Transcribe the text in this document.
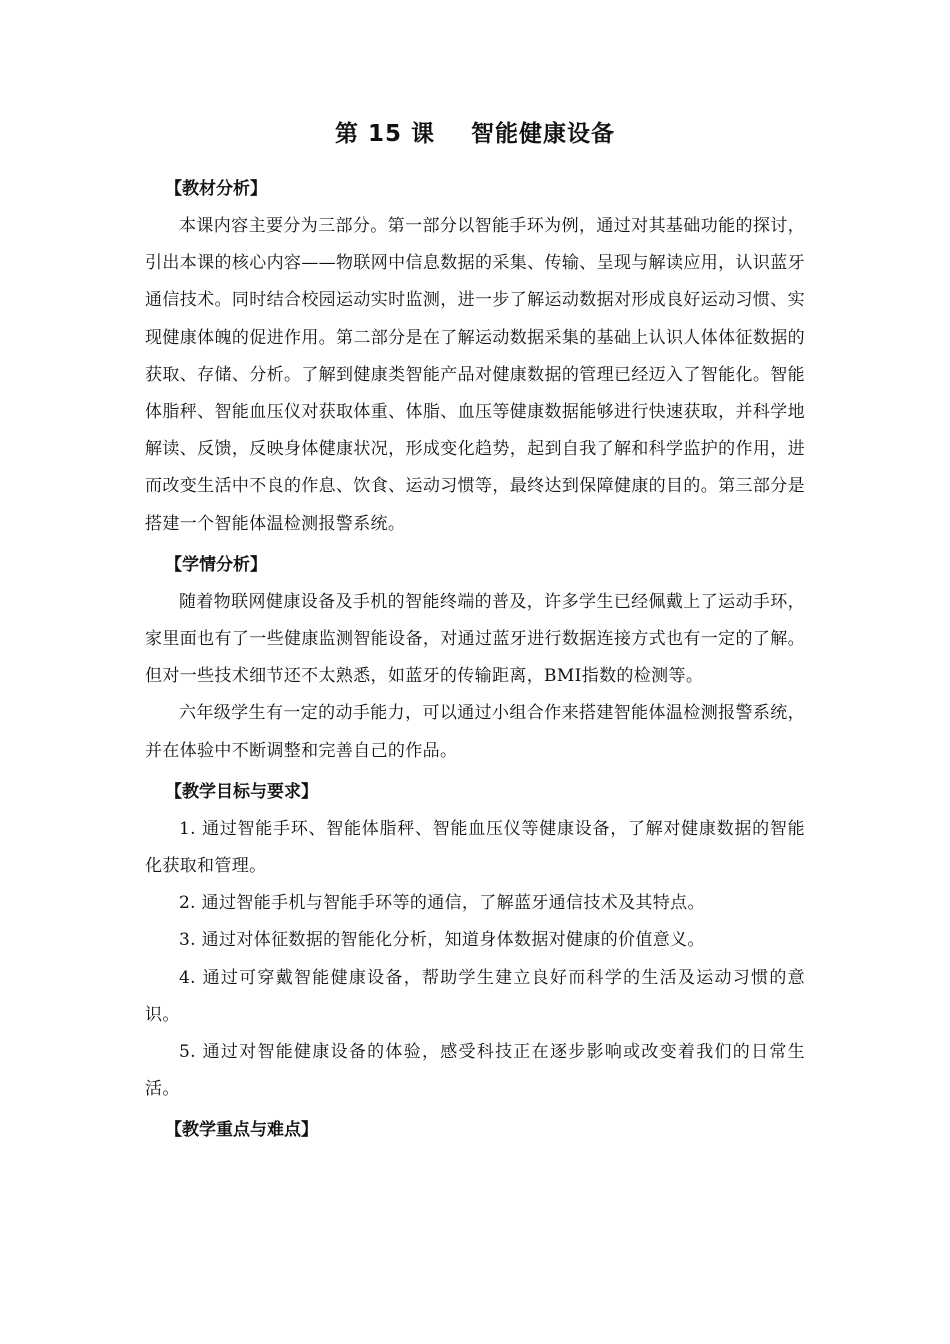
第 15 课    智能健康设备
【教材分析】

本课内容主要分为三部分。第一部分以智能手环为例，通过对其基础功能的探讨，引出本课的核心内容——物联网中信息数据的采集、传输、呈现与解读应用，认识蓝牙通信技术。同时结合校园运动实时监测，进一步了解运动数据对形成良好运动习惯、实现健康体魄的促进作用。第二部分是在了解运动数据采集的基础上认识人体体征数据的获取、存储、分析。了解到健康类智能产品对健康数据的管理已经迈入了智能化。智能体脂秤、智能血压仪对获取体重、体脂、血压等健康数据能够进行快速获取，并科学地解读、反馈，反映身体健康状况，形成变化趋势，起到自我了解和科学监护的作用，进而改变生活中不良的作息、饮食、运动习惯等，最终达到保障健康的目的。第三部分是搭建一个智能体温检测报警系统。

【学情分析】

随着物联网健康设备及手机的智能终端的普及，许多学生已经佩戴上了运动手环，家里面也有了一些健康监测智能设备，对通过蓝牙进行数据连接方式也有一定的了解。但对一些技术细节还不太熟悉，如蓝牙的传输距离，BMI指数的检测等。

六年级学生有一定的动手能力，可以通过小组合作来搭建智能体温检测报警系统，并在体验中不断调整和完善自己的作品。

【教学目标与要求】

1. 通过智能手环、智能体脂秤、智能血压仪等健康设备，了解对健康数据的智能化获取和管理。

2. 通过智能手机与智能手环等的通信，了解蓝牙通信技术及其特点。

3. 通过对体征数据的智能化分析，知道身体数据对健康的价值意义。

4. 通过可穿戴智能健康设备，帮助学生建立良好而科学的生活及运动习惯的意识。

5. 通过对智能健康设备的体验，感受科技正在逐步影响或改变着我们的日常生活。

【教学重点与难点】
